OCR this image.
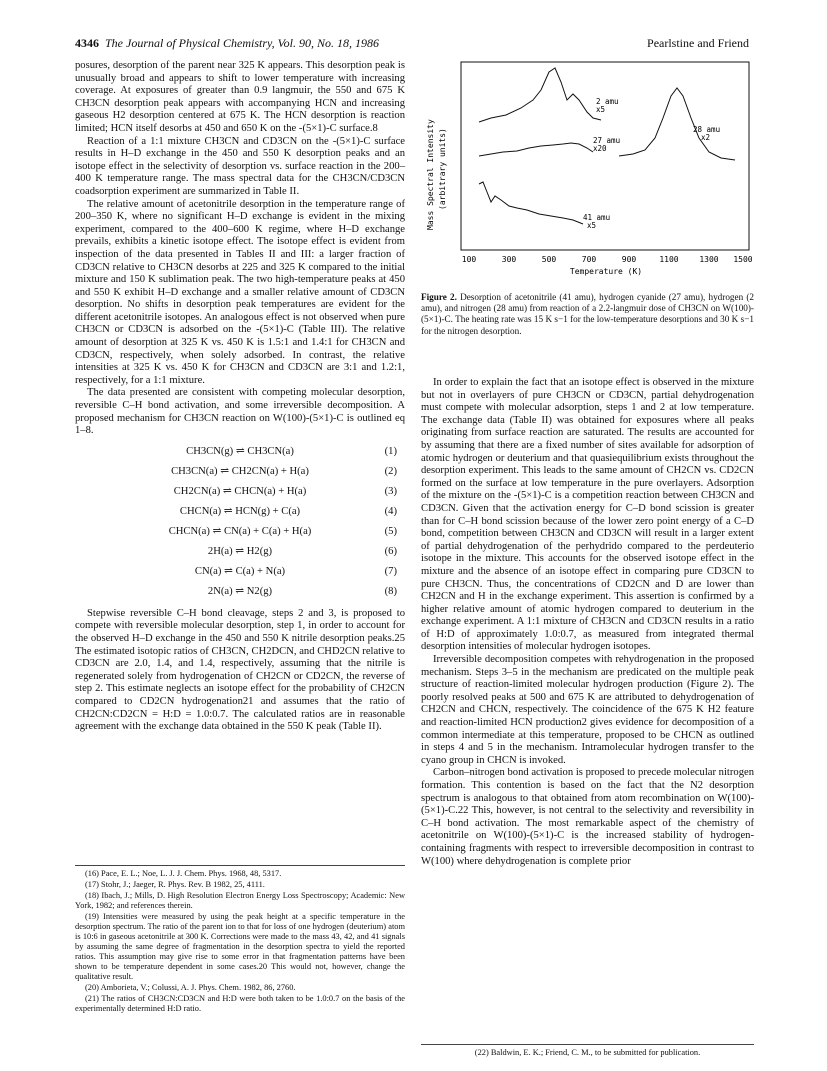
4346 The Journal of Physical Chemistry, Vol. 90, No. 18, 1986	Pearlstine and Friend

posures, desorption of the parent near 325 K appears. This desorption peak is unusually broad and appears to shift to lower temperature with increasing coverage. At exposures of greater than 0.9 langmuir, the 550 and 675 K CH3CN desorption peak appears with accompanying HCN and increasing gaseous H2 desorption centered at 675 K. The HCN desorption is reaction limited; HCN itself desorbs at 450 and 650 K on the -(5×1)-C surface.8

Reaction of a 1:1 mixture CH3CN and CD3CN on the -(5×1)-C surface results in H–D exchange in the 450 and 550 K desorption peaks and an isotope effect in the selectivity of desorption vs. surface reaction in the 200–400 K temperature range. The mass spectral data for the CH3CN/CD3CN coadsorption experiment are summarized in Table II.

The relative amount of acetonitrile desorption in the temperature range of 200–350 K, where no significant H–D exchange is evident in the mixing experiment, compared to the 400–600 K regime, where H–D exchange prevails, exhibits a kinetic isotope effect. The isotope effect is evident from inspection of the data presented in Tables II and III: a larger fraction of CD3CN relative to CH3CN desorbs at 225 and 325 K compared to the initial mixture and 150 K sublimation peak. The two high-temperature peaks at 450 and 550 K exhibit H–D exchange and a smaller relative amount of CD3CN desorption. No shifts in desorption peak temperatures are evident for the different acetonitrile isotopes. An analogous effect is not observed when pure CH3CN or CD3CN is adsorbed on the -(5×1)-C (Table III). The relative amount of desorption at 325 K vs. 450 K is 1.5:1 and 1.4:1 for CH3CN and CD3CN, respectively, when solely adsorbed. In contrast, the relative intensities at 325 K vs. 450 K for CH3CN and CD3CN are 3:1 and 1.2:1, respectively, for a 1:1 mixture.

The data presented are consistent with competing molecular desorption, reversible C–H bond activation, and some irreversible decomposition. A proposed mechanism for CH3CN reaction on W(100)-(5×1)-C is outlined eq 1–8.

CH3CN(g) ⇌ CH3CN(a)	(1)
CH3CN(a) ⇌ CH2CN(a) + H(a)	(2)
CH2CN(a) ⇌ CHCN(a) + H(a)	(3)
CHCN(a) ⇌ HCN(g) + C(a)	(4)
CHCN(a) ⇌ CN(a) + C(a) + H(a)	(5)
2H(a) ⇌ H2(g)	(6)
CN(a) ⇌ C(a) + N(a)	(7)
2N(a) ⇌ N2(g)	(8)

Stepwise reversible C–H bond cleavage, steps 2 and 3, is proposed to compete with reversible molecular desorption, step 1, in order to account for the observed H–D exchange in the 450 and 550 K nitrile desorption peaks.25 The estimated isotopic ratios of CH3CN, CH2DCN, and CHD2CN relative to CD3CN are 2.0, 1.4, and 1.4, respectively, assuming that the nitrile is regenerated solely from hydrogenation of CH2CN or CD2CN, the reverse of step 2. This estimate neglects an isotope effect for the probability of CH2CN compared to CD2CN hydrogenation21 and assumes that the ratio of CH2CN:CD2CN = H:D = 1.0:0.7. The calculated ratios are in reasonable agreement with the exchange data obtained in the 550 K peak (Table II).

(16) Pace, E. L.; Noe, L. J. J. Chem. Phys. 1968, 48, 5317.

(17) Stohr, J.; Jaeger, R. Phys. Rev. B 1982, 25, 4111.

(18) Ibach, J.; Mills, D. High Resolution Electron Energy Loss Spectroscopy; Academic: New York, 1982; and references therein.

(19) Intensities were measured by using the peak height at a specific temperature in the desorption spectrum. The ratio of the parent ion to that for loss of one hydrogen (deuterium) atom is 10:6 in gaseous acetonitrile at 300 K. Corrections were made to the mass 43, 42, and 41 signals by assuming the same degree of fragmentation in the desorption spectra to yield the reported ratios. This assumption may give rise to some error in that fragmentation patterns have been shown to be temperature dependent in some cases.20 This would not, however, change the qualitative result.

(20) Amborieta, V.; Colussi, A. J. Phys. Chem. 1982, 86, 2760.

(21) The ratios of CH3CN:CD3CN and H:D were both taken to be 1.0:0.7 on the basis of the experimentally determined H:D ratio.

Mass Spectral Intensity (arbitrary units)
2 amu
x5
27 amu
x20
28 amu
x2
41 amu
x5
100	300	500	700	900	1100	1300 1500
Temperature (K)
Figure 2. Desorption of acetonitrile (41 amu), hydrogen cyanide (27 amu), hydrogen (2 amu), and nitrogen (28 amu) from reaction of a 2.2-langmuir dose of CH3CN on W(100)-(5×1)-C. The heating rate was 15 K s−1 for the low-temperature desorptions and 30 K s−1 for the nitrogen desorption.

In order to explain the fact that an isotope effect is observed in the mixture but not in overlayers of pure CH3CN or CD3CN, partial dehydrogenation must compete with molecular adsorption, steps 1 and 2 at low temperature. The exchange data (Table II) was obtained for exposures where all peaks originating from surface reaction are saturated. The results are accounted for by assuming that there are a fixed number of sites available for adsorption of atomic hydrogen or deuterium and that quasiequilibrium exists throughout the desorption experiment. This leads to the same amount of CH2CN vs. CD2CN formed on the surface at low temperature in the pure overlayers. Adsorption of the mixture on the -(5×1)-C is a competition reaction between CH3CN and CD3CN. Given that the activation energy for C–D bond scission is greater than for C–H bond scission because of the lower zero point energy of a C–D bond, competition between CH3CN and CD3CN will result in a larger extent of partial dehydrogenation of the perhydrido compared to the perdeuterio isotope in the mixture. This accounts for the observed isotope effect in the mixture and the absence of an isotope effect in comparing pure CD3CN to pure CH3CN. Thus, the concentrations of CD2CN and D are lower than CH2CN and H in the exchange experiment. This assertion is confirmed by a higher relative amount of atomic hydrogen compared to deuterium in the exchange experiment. A 1:1 mixture of CH3CN and CD3CN results in a ratio of H:D of approximately 1.0:0.7, as measured from integrated thermal desorption intensities of molecular hydrogen isotopes.

Irreversible decomposition competes with rehydrogenation in the proposed mechanism. Steps 3–5 in the mechanism are predicated on the multiple peak structure of reaction-limited molecular hydrogen production (Figure 2). The poorly resolved peaks at 500 and 675 K are attributed to dehydrogenation of CH2CN and CHCN, respectively. The coincidence of the 675 K H2 feature and reaction-limited HCN production2 gives evidence for decomposition of a common intermediate at this temperature, proposed to be CHCN as outlined in steps 4 and 5 in the mechanism. Intramolecular hydrogen transfer to the cyano group in CHCN is invoked.

Carbon–nitrogen bond activation is proposed to precede molecular nitrogen formation. This contention is based on the fact that the N2 desorption spectrum is analogous to that obtained from atom recombination on W(100)-(5×1)-C.22 This, however, is not central to the selectivity and reversibility in C–H bond activation. The most remarkable aspect of the chemistry of acetonitrile on W(100)-(5×1)-C is the increased stability of hydrogen-containing fragments with respect to irreversible decomposition in contrast to W(100) where dehydrogenation is complete prior

(22) Baldwin, E. K.; Friend, C. M., to be submitted for publication.
